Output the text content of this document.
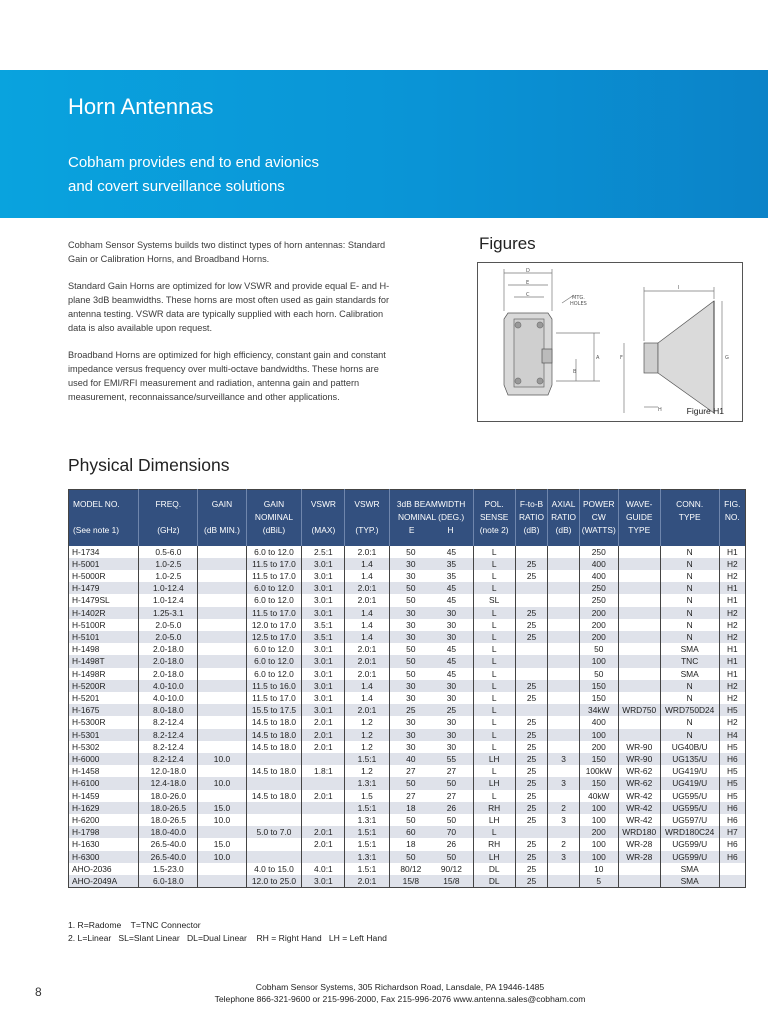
Horn Antennas
Cobham provides end to end avionics
and covert surveillance solutions

Cobham Sensor Systems builds two distinct types of horn antennas: Standard Gain or Calibration Horns, and Broadband Horns.

Standard Gain Horns are optimized for low VSWR and provide equal E- and H- plane 3dB beamwidths. These horns are most often used as gain standards for antenna testing. VSWR data are typically supplied with each horn. Calibration data is also available upon request.

Broadband Horns are optimized for high efficiency, constant gain and constant impedance versus frequency over multi-octave bandwidths. These horns are used for EMI/RFI measurement and radiation, antenna gain and pattern measurement, reconnaissance/surveillance and other applications.

Figures
D
E
C
A
B
F
I
G
H
MTG.
HOLES
Figure H1
Physical Dimensions
MODEL NO.

(See note 1)	FREQ.

(GHz)	GAIN

(dB MIN.)	GAIN
NOMINAL
(dBiL)	VSWR

(MAX)	VSWR

(TYP.)	3dB BEAMWIDTH
NOMINAL (DEG.)
E H	POL.
SENSE
(note 2)	F-to-B
RATIO
(dB)	AXIAL
RATIO
(dB)	POWER
CW
(WATTS)	WAVE-
GUIDE
TYPE	CONN.
TYPE	FIG.
NO.

H-1734	0.5-6.0		6.0 to 12.0	2.5:1	2.0:1	50 45	L			250		N	H1
H-5001	1.0-2.5		11.5 to 17.0	3.0:1	1.4	30 35	L	25		400		N	H2
H-5000R	1.0-2.5		11.5 to 17.0	3.0:1	1.4	30 35	L	25		400		N	H2
H-1479	1.0-12.4		6.0 to 12.0	3.0:1	2.0:1	50 45	L			250		N	H1
H-1479SL	1.0-12.4		6.0 to 12.0	3.0:1	2.0:1	50 45	SL			250		N	H1
H-1402R	1.25-3.1		11.5 to 17.0	3.0:1	1.4	30 30	L	25		200		N	H2
H-5100R	2.0-5.0		12.0 to 17.0	3.5:1	1.4	30 30	L	25		200		N	H2
H-5101	2.0-5.0		12.5 to 17.0	3.5:1	1.4	30 30	L	25		200		N	H2
H-1498	2.0-18.0		6.0 to 12.0	3.0:1	2.0:1	50 45	L			50		SMA	H1
H-1498T	2.0-18.0		6.0 to 12.0	3.0:1	2.0:1	50 45	L			100		TNC	H1
H-1498R	2.0-18.0		6.0 to 12.0	3.0:1	2.0:1	50 45	L			50		SMA	H1
H-5200R	4.0-10.0		11.5 to 16.0	3.0:1	1.4	30 30	L	25		150		N	H2
H-5201	4.0-10.0		11.5 to 17.0	3.0:1	1.4	30 30	L	25		150		N	H2
H-1675	8.0-18.0		15.5 to 17.5	3.0:1	2.0:1	25 25	L			34kW	WRD750	WRD750D24	H5
H-5300R	8.2-12.4		14.5 to 18.0	2.0:1	1.2	30 30	L	25		400		N	H2
H-5301	8.2-12.4		14.5 to 18.0	2.0:1	1.2	30 30	L	25		100		N	H4
H-5302	8.2-12.4		14.5 to 18.0	2.0:1	1.2	30 30	L	25		200	WR-90	UG40B/U	H5
H-6000	8.2-12.4	10.0			1.5:1	40 55	LH	25	3	150	WR-90	UG135/U	H6
H-1458	12.0-18.0		14.5 to 18.0	1.8:1	1.2	27 27	L	25		100kW	WR-62	UG419/U	H5
H-6100	12.4-18.0	10.0			1.3:1	50 50	LH	25	3	150	WR-62	UG419/U	H5
H-1459	18.0-26.0		14.5 to 18.0	2.0:1	1.5	27 27	L	25		40kW	WR-42	UG595/U	H5
H-1629	18.0-26.5	15.0			1.5:1	18 26	RH	25	2	100	WR-42	UG595/U	H6
H-6200	18.0-26.5	10.0			1.3:1	50 50	LH	25	3	100	WR-42	UG597/U	H6
H-1798	18.0-40.0		5.0 to 7.0	2.0:1	1.5:1	60 70	L			200	WRD180	WRD180C24	H7
H-1630	26.5-40.0	15.0		2.0:1	1.5:1	18 26	RH	25	2	100	WR-28	UG599/U	H6
H-6300	26.5-40.0	10.0			1.3:1	50 50	LH	25	3	100	WR-28	UG599/U	H6
AHO-2036	1.5-23.0		4.0 to 15.0	4.0:1	1.5:1	80/12 90/12	DL	25		10		SMA	
AHO-2049A	6.0-18.0		12.0 to 25.0	3.0:1	2.0:1	15/8 15/8	DL	25		5		SMA	
1. R=Radome    T=TNC Connector
2. L=Linear   SL=Slant Linear   DL=Dual Linear    RH = Right Hand   LH = Left Hand
8	Cobham Sensor Systems, 305 Richardson Road, Lansdale, PA 19446-1485
Telephone 866-321-9600 or 215-996-2000, Fax 215-996-2076 www.antenna.sales@cobham.com
